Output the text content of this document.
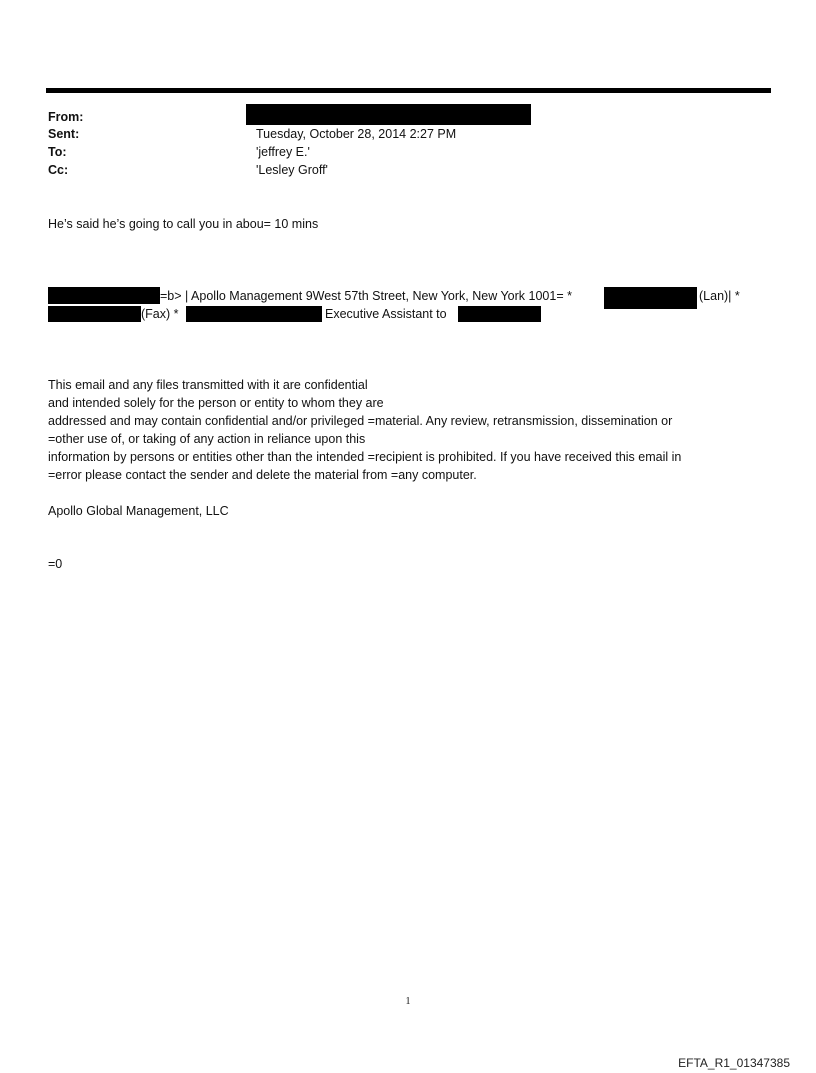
From:
Sent:
To:
Cc:
Tuesday, October 28, 2014 2:27 PM
'jeffrey E.'
'Lesley Groff'
He’s said he’s going to call you in abou= 10 mins
=b> | Apollo Management 9West 57th Street, New York, New York 1001= *	(Lan)| *
(Fax) *	Executive Assistant to
This email and any files transmitted with it are confidential
and intended solely for the person or entity to whom they are
addressed and may contain confidential and/or privileged =material. Any review, retransmission, dissemination or
=other use of, or taking of any action in reliance upon this
information by persons or entities other than the intended =recipient is prohibited. If you have received this email in
=error please contact the sender and delete the material from =any computer.
Apollo Global Management, LLC
=0
1
EFTA_R1_01347385
